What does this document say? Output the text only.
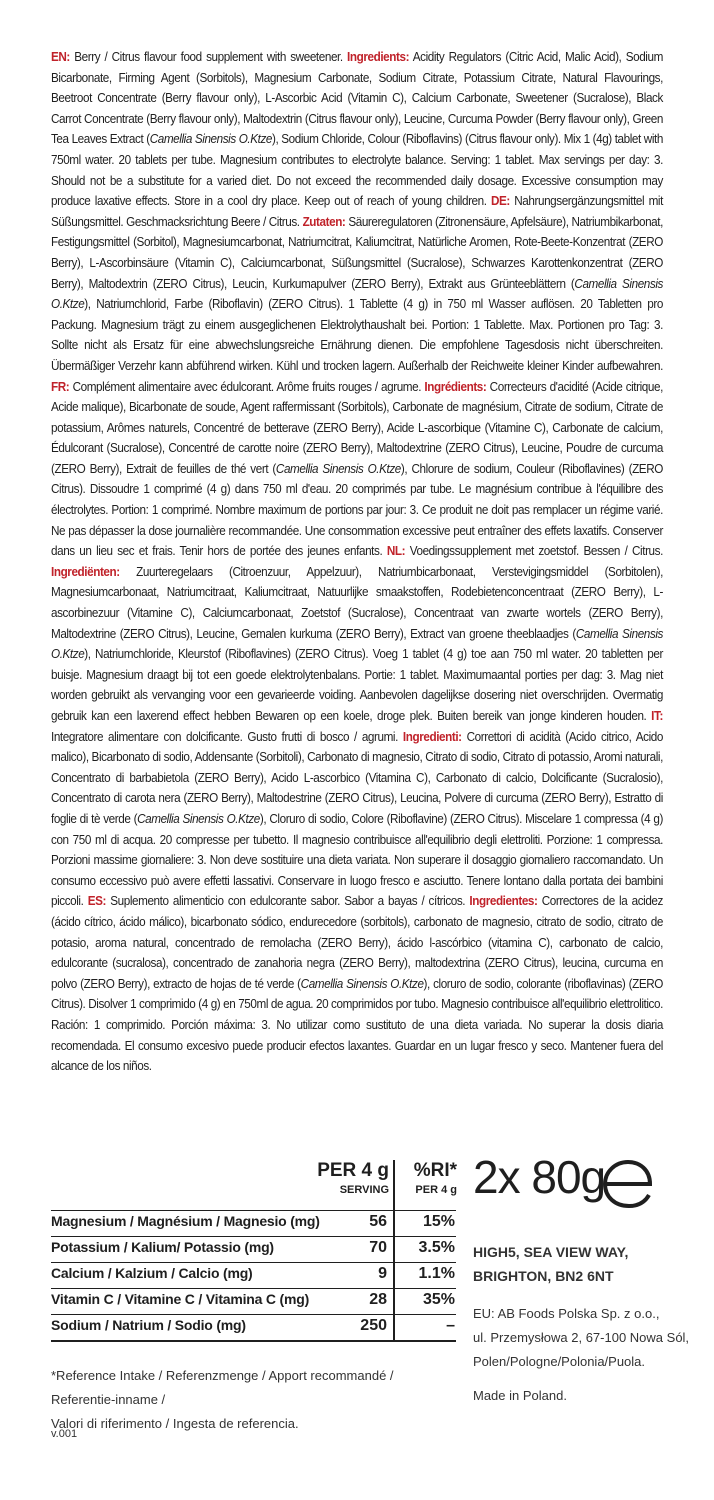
EN: Berry / Citrus flavour food supplement with sweetener. Ingredients: Acidity Regulators (Citric Acid, Malic Acid), Sodium Bicarbonate, Firming Agent (Sorbitols), Magnesium Carbonate, Sodium Citrate, Potassium Citrate, Natural Flavourings, Beetroot Concentrate (Berry flavour only), L-Ascorbic Acid (Vitamin C), Calcium Carbonate, Sweetener (Sucralose), Black Carrot Concentrate (Berry flavour only), Maltodextrin (Citrus flavour only), Leucine, Curcuma Powder (Berry flavour only), Green Tea Leaves Extract (Camellia Sinensis O.Ktze), Sodium Chloride, Colour (Riboflavins) (Citrus flavour only). Mix 1 (4g) tablet with 750ml water. 20 tablets per tube. Magnesium contributes to electrolyte balance. Serving: 1 tablet. Max servings per day: 3. Should not be a substitute for a varied diet. Do not exceed the recommended daily dosage. Excessive consumption may produce laxative effects. Store in a cool dry place. Keep out of reach of young children. DE: Nahrungsergänzungsmittel mit Süßungsmittel. Geschmacksrichtung Beere / Citrus. Zutaten: Säureregulatoren (Zitronensäure, Apfelsäure), Natriumbikarbonat, Festigungsmittel (Sorbitol), Magnesiumcarbonat, Natriumcitrat, Kaliumcitrat, Natürliche Aromen, Rote-Beete-Konzentrat (ZERO Berry), L-Ascorbinsäure (Vitamin C), Calciumcarbonat, Süßungsmittel (Sucralose), Schwarzes Karottenkonzentrat (ZERO Berry), Maltodextrin (ZERO Citrus), Leucin, Kurkumapulver (ZERO Berry), Extrakt aus Grünteeblättern (Camellia Sinensis O.Ktze), Natriumchlorid, Farbe (Riboflavin) (ZERO Citrus). 1 Tablette (4 g) in 750 ml Wasser auflösen. 20 Tabletten pro Packung. Magnesium trägt zu einem ausgeglichenen Elektrolythaushalt bei. Portion: 1 Tablette. Max. Portionen pro Tag: 3. Sollte nicht als Ersatz für eine abwechslungsreiche Ernährung dienen. Die empfohlene Tagesdosis nicht überschreiten. Übermäßiger Verzehr kann abführend wirken. Kühl und trocken lagern. Außerhalb der Reichweite kleiner Kinder aufbewahren. FR: Complément alimentaire avec édulcorant. Arôme fruits rouges / agrume. Ingrédients: Correcteurs d'acidité (Acide citrique, Acide malique), Bicarbonate de soude, Agent raffermissant (Sorbitols), Carbonate de magnésium, Citrate de sodium, Citrate de potassium, Arômes naturels, Concentré de betterave (ZERO Berry), Acide L-ascorbique (Vitamine C), Carbonate de calcium, Édulcorant (Sucralose), Concentré de carotte noire (ZERO Berry), Maltodextrine (ZERO Citrus), Leucine, Poudre de curcuma (ZERO Berry), Extrait de feuilles de thé vert (Camellia Sinensis O.Ktze), Chlorure de sodium, Couleur (Riboflavines) (ZERO Citrus). Dissoudre 1 comprimé (4 g) dans 750 ml d'eau. 20 comprimés par tube. Le magnésium contribue à l'équilibre des électrolytes. Portion: 1 comprimé. Nombre maximum de portions par jour: 3. Ce produit ne doit pas remplacer un régime varié. Ne pas dépasser la dose journalière recommandée. Une consommation excessive peut entraîner des effets laxatifs. Conserver dans un lieu sec et frais. Tenir hors de portée des jeunes enfants. NL: Voedingssupplement met zoetstof. Bessen / Citrus. Ingrediënten: Zuurteregelaars (Citroenzuur, Appelzuur), Natriumbicarbonaat, Verstevigingsmiddel (Sorbitolen), Magnesiumcarbonaat, Natriumcitraat, Kaliumcitraat, Natuurlijke smaakstoffen, Rodebietenconcentraat (ZERO Berry), L-ascorbinezuur (Vitamine C), Calciumcarbonaat, Zoetstof (Sucralose), Concentraat van zwarte wortels (ZERO Berry), Maltodextrine (ZERO Citrus), Leucine, Gemalen kurkuma (ZERO Berry), Extract van groene theeblaadjes (Camellia Sinensis O.Ktze), Natriumchloride, Kleurstof (Riboflavines) (ZERO Citrus). Voeg 1 tablet (4 g) toe aan 750 ml water. 20 tabletten per buisje. Magnesium draagt bij tot een goede elektrolytenbalans. Portie: 1 tablet. Maximumaantal porties per dag: 3. Mag niet worden gebruikt als vervanging voor een gevarieerde voiding. Aanbevolen dagelijkse dosering niet overschrijden. Overmatig gebruik kan een laxerend effect hebben Bewaren op een koele, droge plek. Buiten bereik van jonge kinderen houden. IT: Integratore alimentare con dolcificante. Gusto frutti di bosco / agrumi. Ingredienti: Correttori di acidità (Acido citrico, Acido malico), Bicarbonato di sodio, Addensante (Sorbitoli), Carbonato di magnesio, Citrato di sodio, Citrato di potassio, Aromi naturali, Concentrato di barbabietola (ZERO Berry), Acido L-ascorbico (Vitamina C), Carbonato di calcio, Dolcificante (Sucralosio), Concentrato di carota nera (ZERO Berry), Maltodestrine (ZERO Citrus), Leucina, Polvere di curcuma (ZERO Berry), Estratto di foglie di tè verde (Camellia Sinensis O.Ktze), Cloruro di sodio, Colore (Riboflavine) (ZERO Citrus). Miscelare 1 compressa (4 g) con 750 ml di acqua. 20 compresse per tubetto. Il magnesio contribuisce all'equilibrio degli elettroliti. Porzione: 1 compressa. Porzioni massime giornaliere: 3. Non deve sostituire una dieta variata. Non superare il dosaggio giornaliero raccomandato. Un consumo eccessivo può avere effetti lassativi. Conservare in luogo fresco e asciutto. Tenere lontano dalla portata dei bambini piccoli. ES: Suplemento alimenticio con edulcorante sabor. Sabor a bayas / cítricos. Ingredientes: Correctores de la acidez (ácido cítrico, ácido málico), bicarbonato sódico, endurecedore (sorbitols), carbonato de magnesio, citrato de sodio, citrato de potasio, aroma natural, concentrado de remolacha (ZERO Berry), ácido l-ascórbico (vitamina C), carbonato de calcio, edulcorante (sucralosa), concentrado de zanahoria negra (ZERO Berry), maltodextrina (ZERO Citrus), leucina, curcuma en polvo (ZERO Berry), extracto de hojas de té verde (Camellia Sinensis O.Ktze), cloruro de sodio, colorante (riboflavinas) (ZERO Citrus). Disolver 1 comprimido (4 g) en 750ml de agua. 20 comprimidos por tubo. Magnesio contribuisce all'equilibrio elettrolitico. Ración: 1 comprimido. Porción máxima: 3. No utilizar como sustituto de una dieta variada. No superar la dosis diaria recomendada. El consumo excesivo puede producir efectos laxantes. Guardar en un lugar fresco y seco. Mantener fuera del alcance de los niños.
PER 4 g
SERVING
%RI*
PER 4 g
Magnesium / Magnésium / Magnesio (mg)	56	15%
Potassium / Kalium/ Potassio (mg)	70	3.5%
Calcium / Kalzium / Calcio (mg)	9	1.1%
Vitamin C / Vitamine C / Vitamina C (mg)	28	35%
Sodium / Natrium / Sodio (mg)	250	–
*Reference Intake / Referenzmenge / Apport recommandé / Referentie-inname /
Valori di riferimento / Ingesta de referencia.
v.001
2x 80g
HIGH5, SEA VIEW WAY,
BRIGHTON, BN2 6NT
EU: AB Foods Polska Sp. z o.o.,
ul. Przemysłowa 2, 67-100 Nowa Sól,
Polen/Pologne/Polonia/Puola.
Made in Poland.
